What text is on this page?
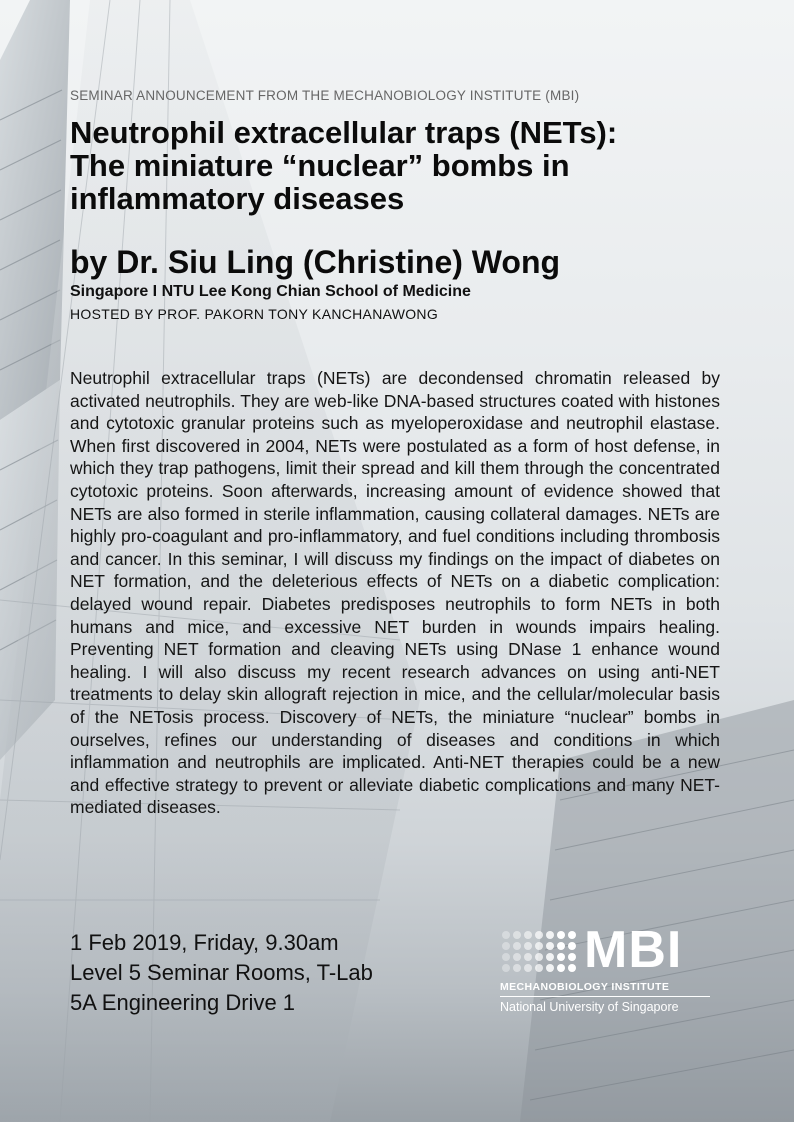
SEMINAR ANNOUNCEMENT FROM THE MECHANOBIOLOGY INSTITUTE (MBI)
Neutrophil extracellular traps (NETs):
The miniature “nuclear” bombs in
inflammatory diseases
by Dr. Siu Ling (Christine) Wong
Singapore I NTU Lee Kong Chian School of Medicine
HOSTED BY PROF. PAKORN TONY KANCHANAWONG

Neutrophil extracellular traps (NETs) are decondensed chromatin released by activated neutrophils. They are web-like DNA-based structures coated with histones and cytotoxic granular proteins such as myeloperoxidase and neutrophil elastase. When first discovered in 2004, NETs were postulated as a form of host defense, in which they trap pathogens, limit their spread and kill them through the concentrated cytotoxic proteins. Soon afterwards, increasing amount of evidence showed that NETs are also formed in sterile inflammation, causing collateral damages. NETs are highly pro-coagulant and pro-inflammatory, and fuel conditions including thrombosis and cancer. In this seminar, I will discuss my findings on the impact of diabetes on NET formation, and the deleterious effects of NETs on a diabetic complication: delayed wound repair. Diabetes predisposes neutrophils to form NETs in both humans and mice, and excessive NET burden in wounds impairs healing. Preventing NET formation and cleaving NETs using DNase 1 enhance wound healing. I will also discuss my recent research advances on using anti-NET treatments to delay skin allograft rejection in mice, and the cellular/molecular basis of the NETosis process. Discovery of NETs, the miniature “nuclear” bombs in ourselves, refines our understanding of diseases and conditions in which inflammation and neutrophils are implicated. Anti-NET therapies could be a new and effective strategy to prevent or alleviate diabetic complications and many NET-mediated diseases.

1 Feb 2019, Friday, 9.30am
Level 5 Seminar Rooms, T-Lab
5A Engineering Drive 1
MBI
MECHANOBIOLOGY INSTITUTE
National University of Singapore
